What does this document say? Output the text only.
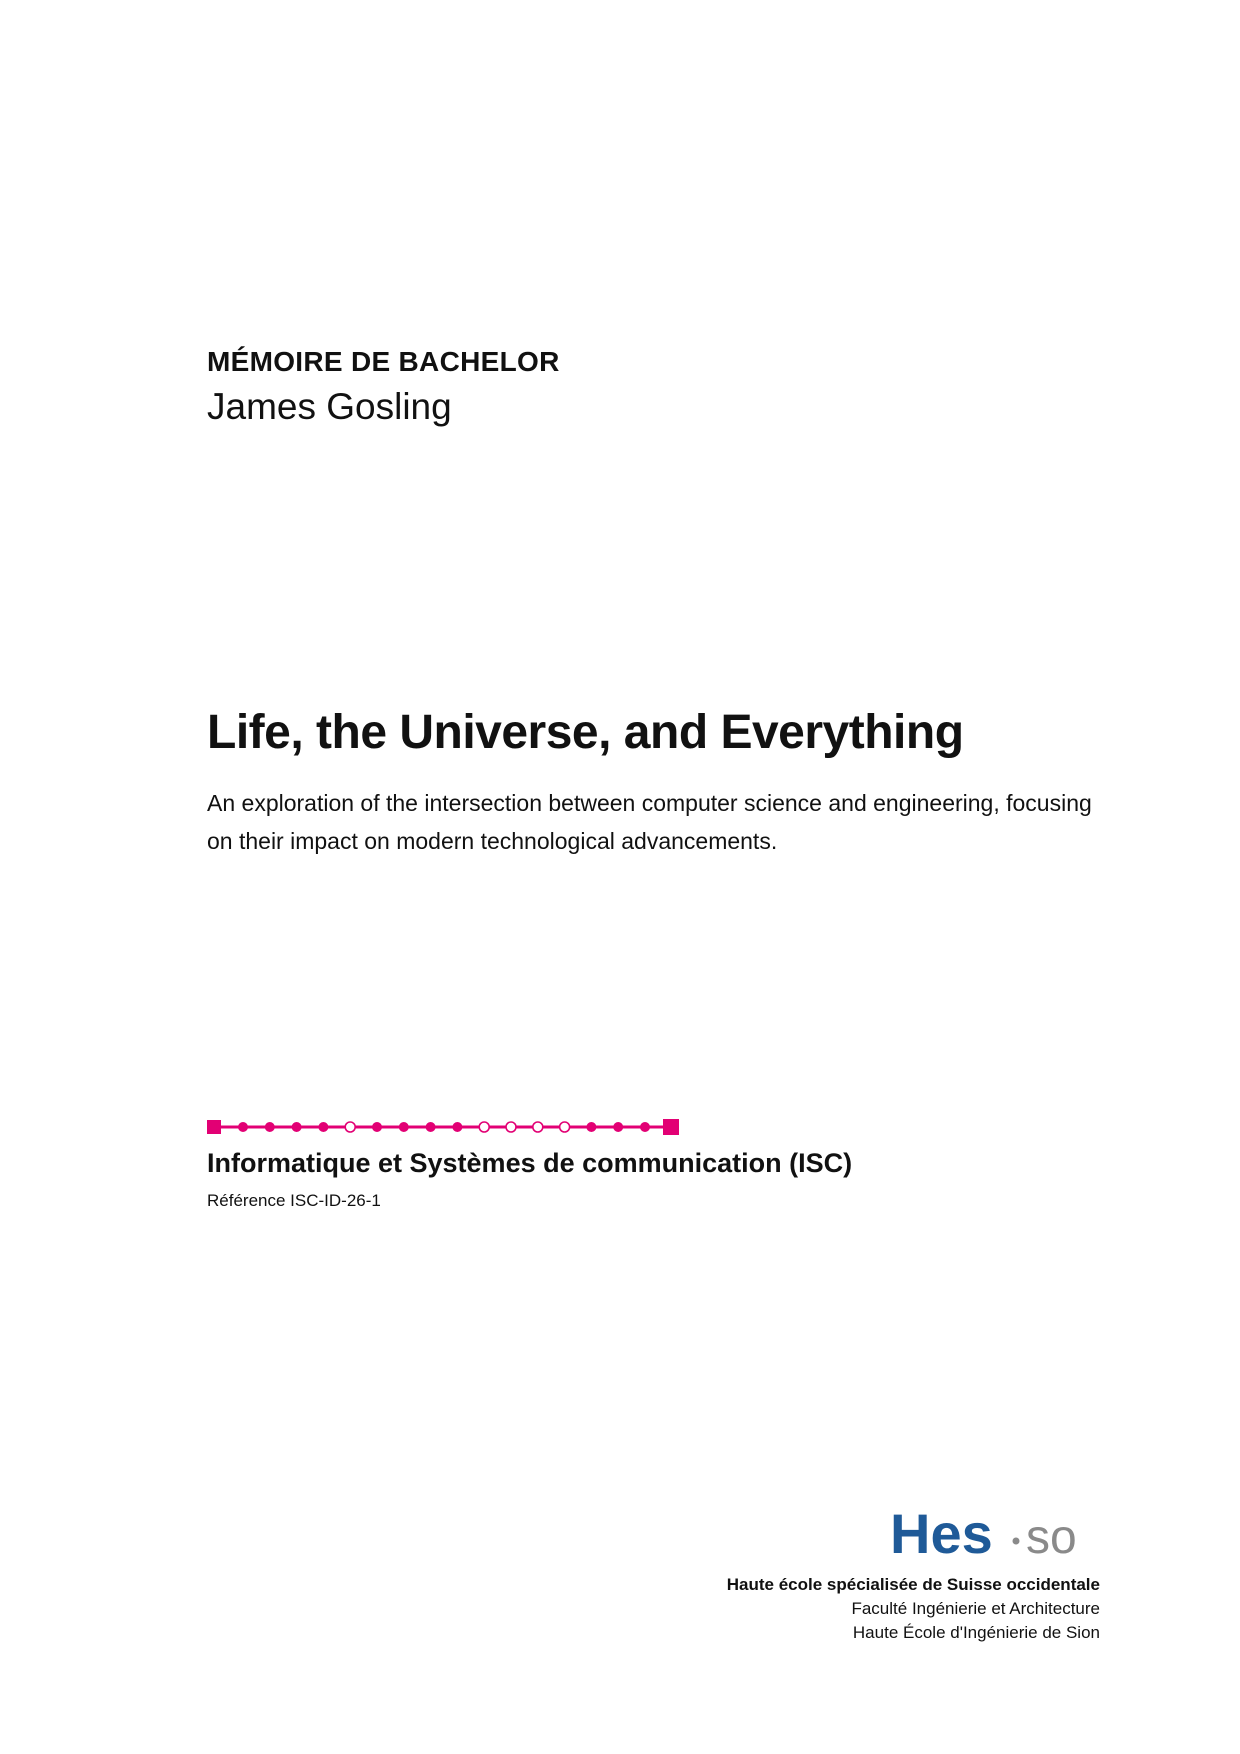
MÉMOIRE DE BACHELOR
James Gosling
Life, the Universe, and Everything
An exploration of the intersection between computer science and engineering, focusing on their impact on modern technological advancements.
Informatique et Systèmes de communication (ISC)
Référence ISC-ID-26-1
Hes so
Haute école spécialisée de Suisse occidentale
Faculté Ingénierie et Architecture
Haute École d'Ingénierie de Sion
